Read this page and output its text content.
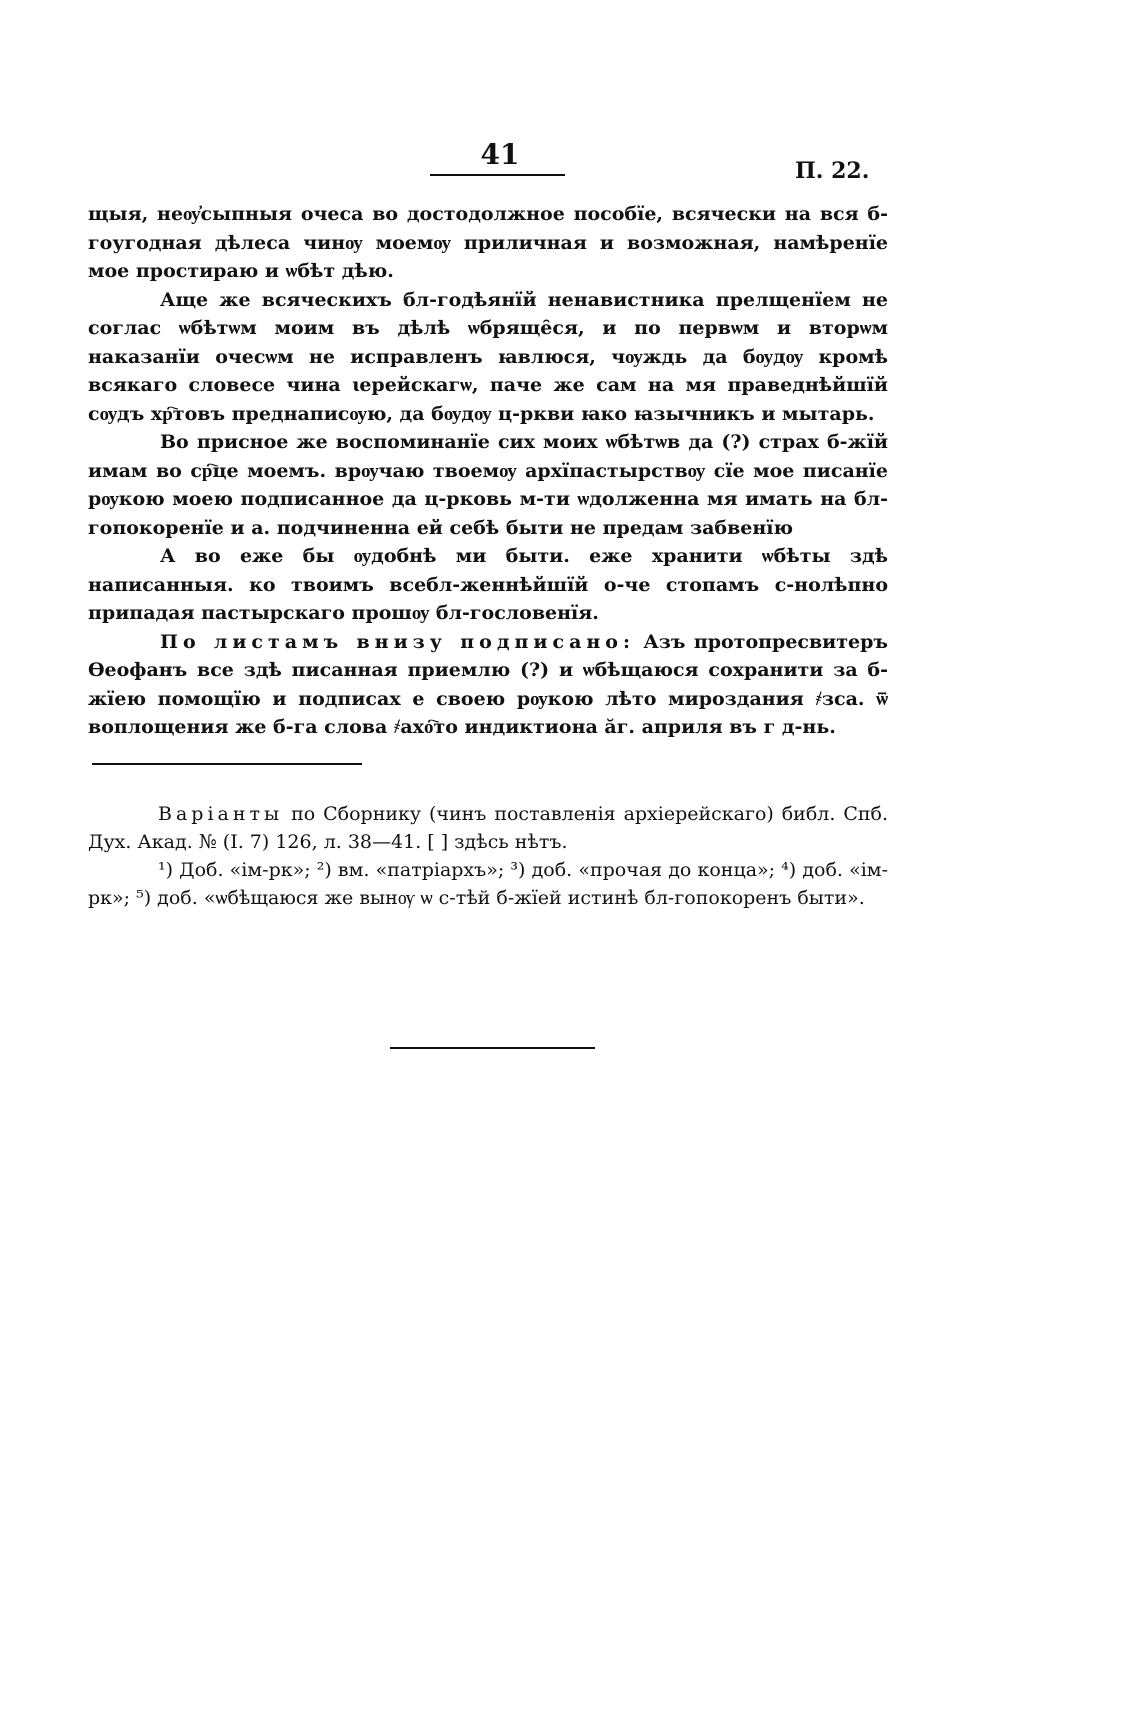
41	П. 22.

щыя, неѹ҆сыпныя очеса во достодолжное пособїе, всячески на вся б-гоугодная дѣлеса чинѹ моемѹ приличная и возможная, намѣренїе мое простираю и ѡбѣт дѣю.

Аще же всяческихъ бл-годѣянїй ненавистника прелщенїем не соглас ѡбѣтѡм моим въ дѣлѣ ѡбряще̑ся, и по первѡм и вторѡм наказанїи очесѡм не исправленъ ꙗвлюся, чѹждь да бѹдѹ кромѣ всякаго словесе чина ꙇерейскагѡ, паче же сам на мя праведнѣйшїй сѹдъ хр҇товъ преднаписѹю, да бѹдѹ ц-ркви ꙗко ꙗзычникъ и мытарь.

Во присное же воспоминанїе сих моих ѡбѣтѡв да (?) страх б-жїй имам во ср҇це моемъ. врѹчаю твоемѹ архїпастырствѹ сїе мое писанїе рѹкою моею подписанное да ц-рковь м-ти ѡдолженна мя имать на бл-гопокоренїе и а. подчиненна ей себѣ быти не предам забвенїю

А во еже бы ѹдобнѣ ми быти. еже хранити ѡбѣты здѣ написанныя. ко твоимъ всебл-женнѣйшїй о-че стопамъ с-нолѣпно припадая пастырскаго прошѹ бл-гословенїя.

По листамъ внизу подписано: Азъ протопресвитеръ Ѳеофанъ все здѣ писанная приемлю (?) и ѡбѣщаюся сохранити за б-жїею помощїю и подписах е своею рѹкою лѣто мироздания ҂зса. ѿ воплощения же б-га слова ҂ахо҇то индиктиона ӑг. априля въ г д-нь.

Варіанты по Сборнику (чинъ поставленія архіерейскаго) библ. Спб. Дух. Акад. № (I. 7) 126, л. 38—41. [ ] здѣсь нѣтъ.

¹) Доб. «ім-рк»; ²) вм. «патріархъ»; ³) доб. «прочая до конца»; ⁴) доб. «ім-рк»; ⁵) доб. «ѡбѣщаюся же вынѹ ѡ с-тѣй б-жїей истинѣ бл-гопокоренъ быти».
